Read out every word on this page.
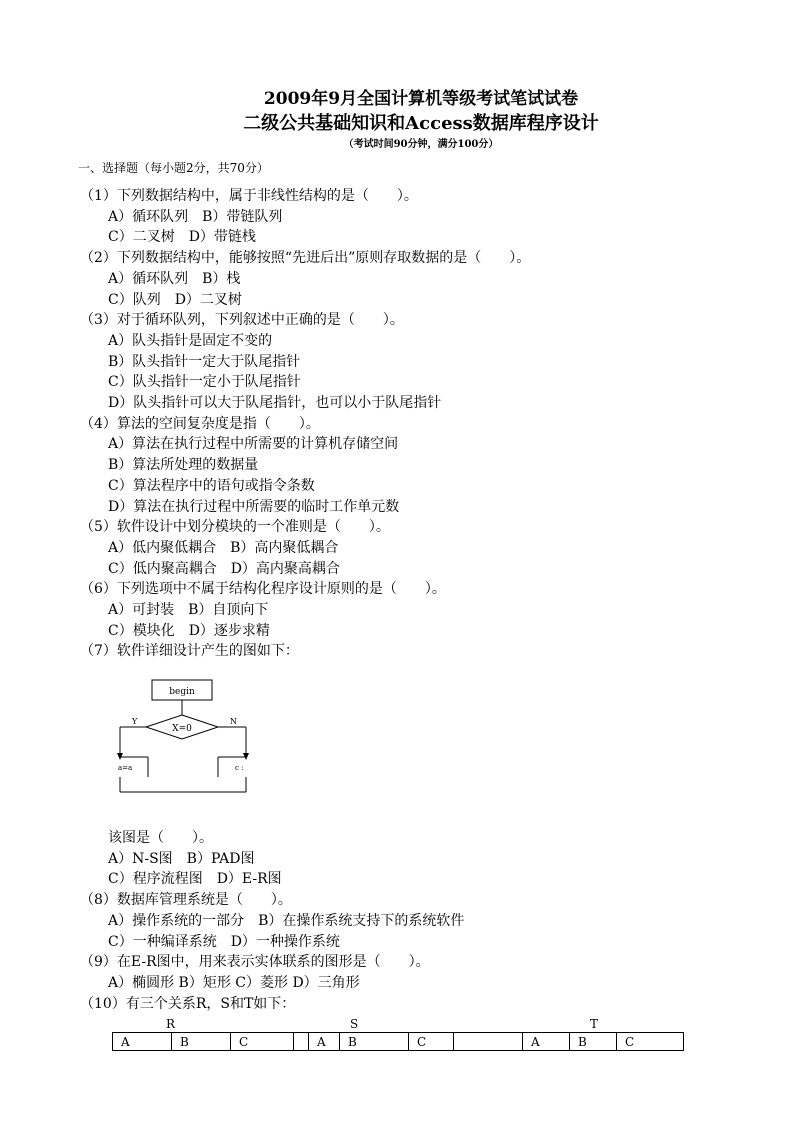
2009年9月全国计算机等级考试笔试试卷
二级公共基础知识和Access数据库程序设计
（考试时间90分钟，满分100分）
一、选择题（每小题2分，共70分）
（1）下列数据结构中，属于非线性结构的是（　　）。
A）循环队列　B）带链队列
C）二叉树　D）带链栈
（2）下列数据结构中，能够按照“先进后出”原则存取数据的是（　　）。
A）循环队列　B）栈
C）队列　D）二叉树
（3）对于循环队列，下列叙述中正确的是（　　）。
A）队头指针是固定不变的
B）队头指针一定大于队尾指针
C）队头指针一定小于队尾指针
D）队头指针可以大于队尾指针，也可以小于队尾指针
（4）算法的空间复杂度是指（　　）。
A）算法在执行过程中所需要的计算机存储空间
B）算法所处理的数据量
C）算法程序中的语句或指令条数
D）算法在执行过程中所需要的临时工作单元数
（5）软件设计中划分模块的一个准则是（　　）。
A）低内聚低耦合　B）高内聚低耦合
C）低内聚高耦合　D）高内聚高耦合
（6）下列选项中不属于结构化程序设计原则的是（　　）。
A）可封装　B）自顶向下
C）模块化　D）逐步求精
（7）软件详细设计产生的图如下：
begin
X=0
Y	N
a=a	c :
该图是（　　）。
A）N-S图　B）PAD图
C）程序流程图　D）E-R图
（8）数据库管理系统是（　　）。
A）操作系统的一部分　B）在操作系统支持下的系统软件
C）一种编译系统　D）一种操作系统
（9）在E-R图中，用来表示实体联系的图形是（　　）。
A）椭圆形 B）矩形 C）菱形 D）三角形
（10）有三个关系R，S和T如下：
R	S	T
A	B	C		A	B	C		A	B	C
